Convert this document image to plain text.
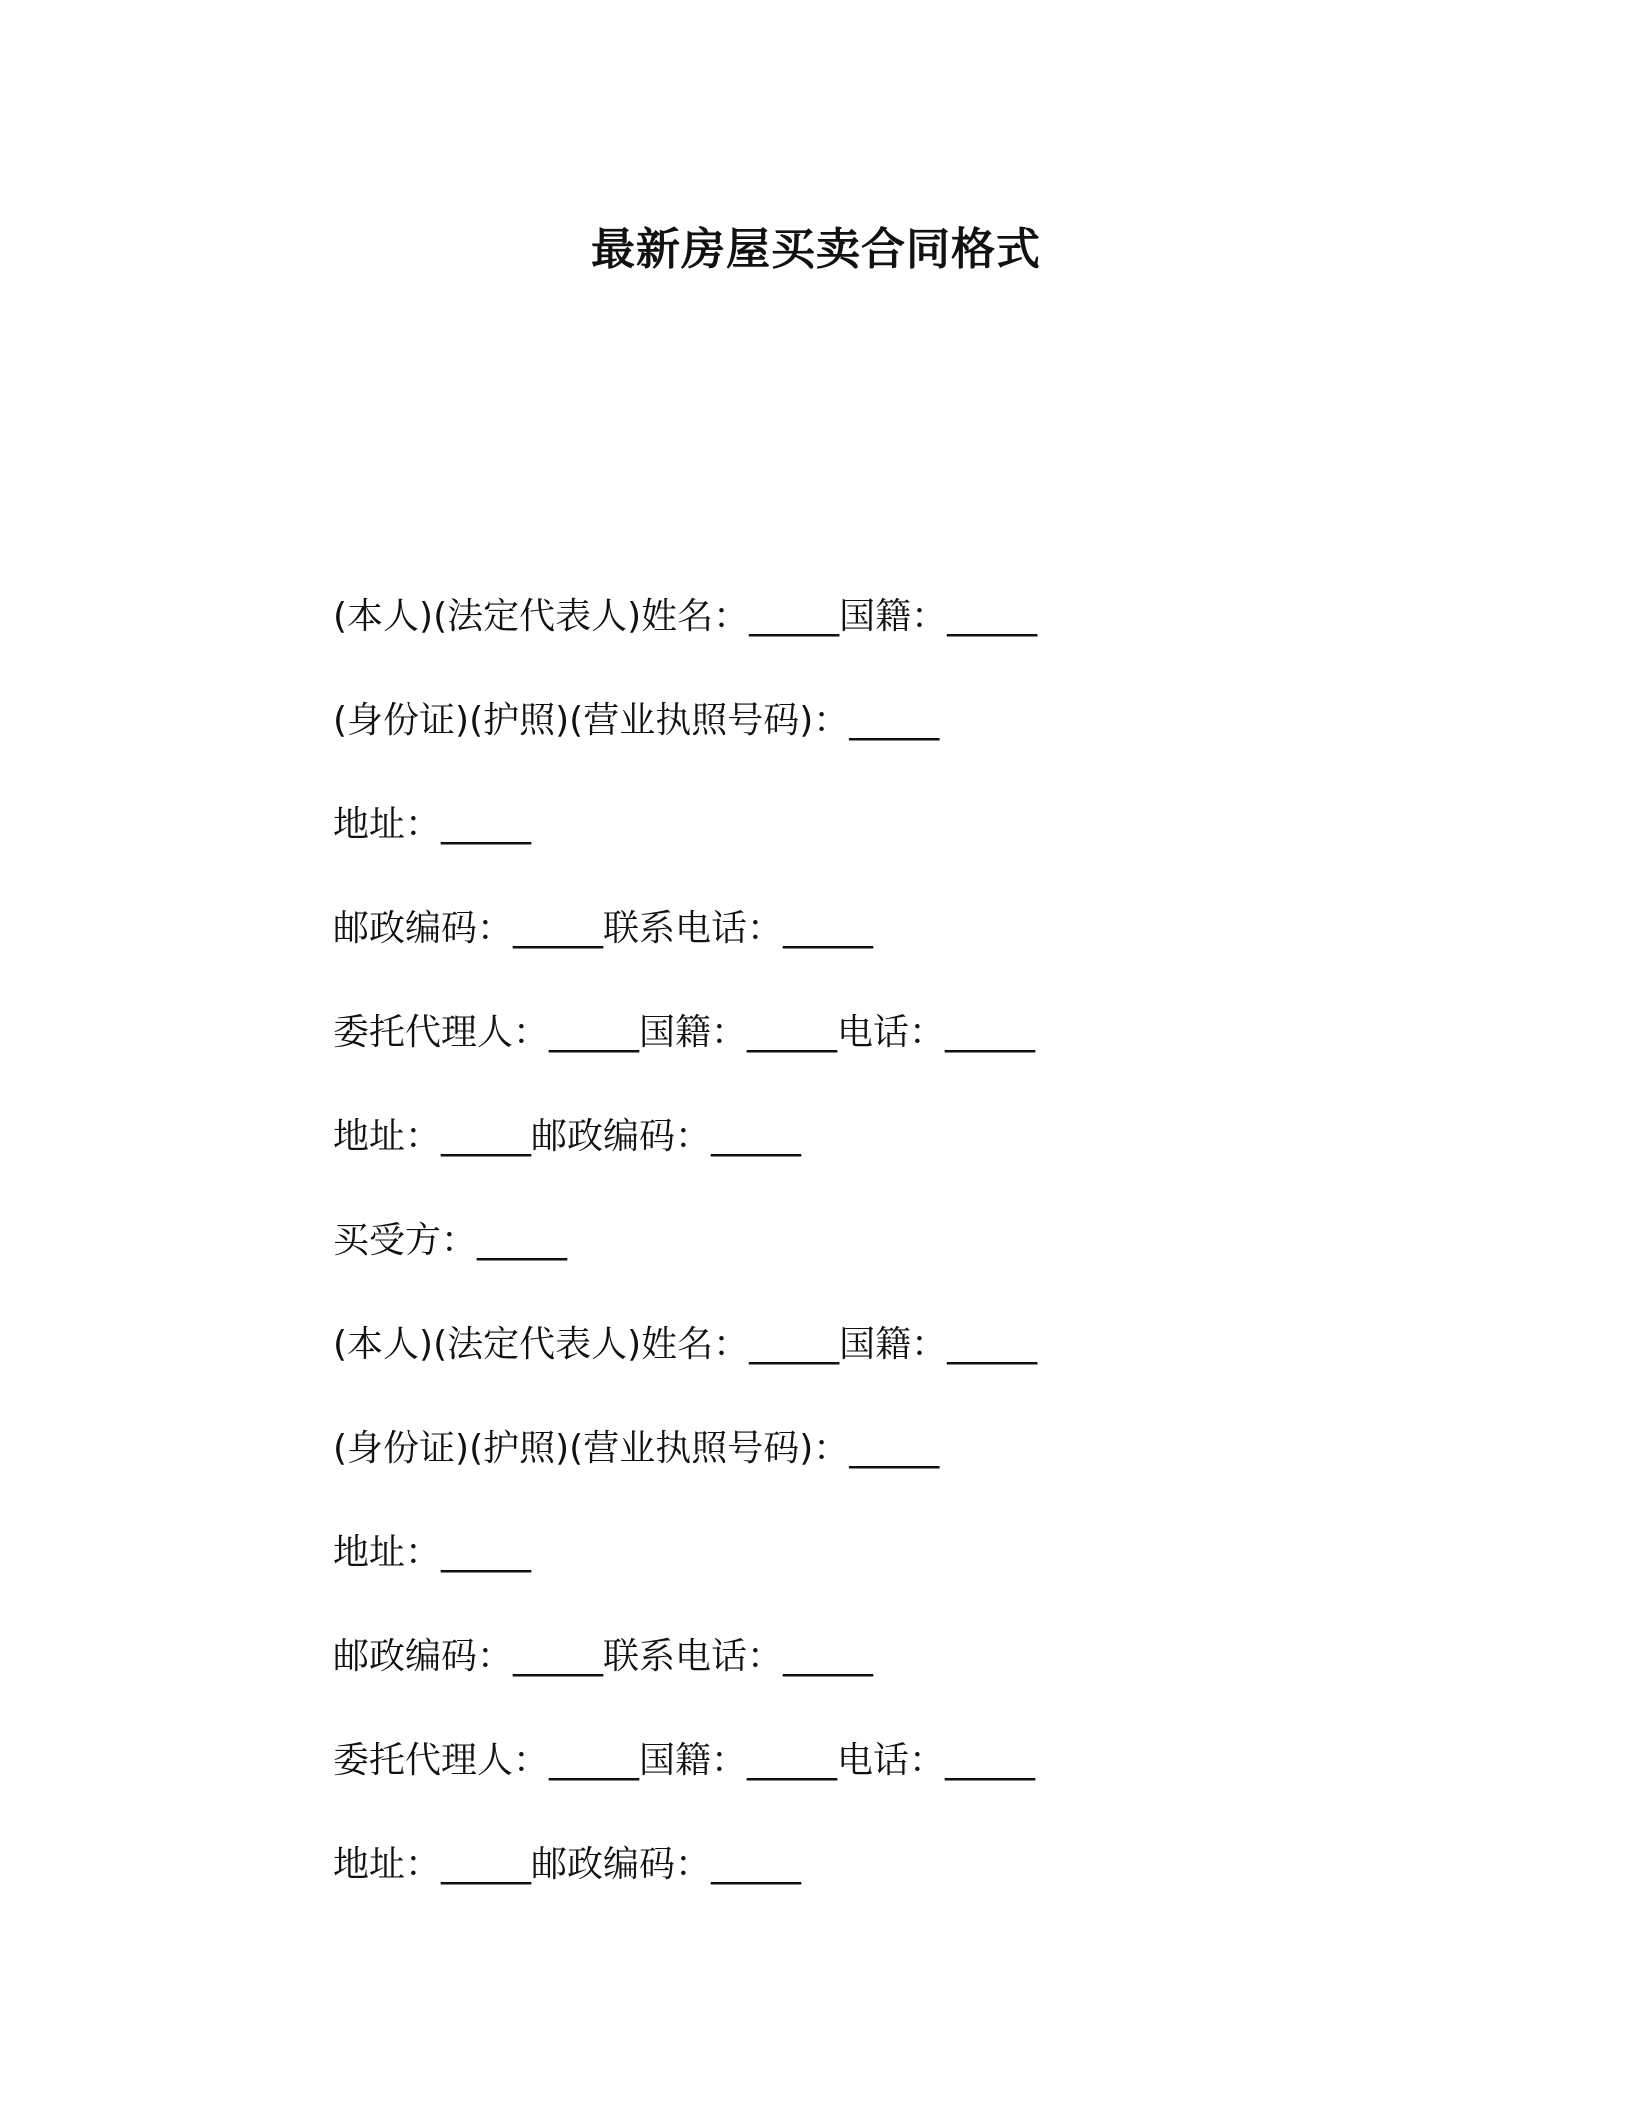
最新房屋买卖合同格式
(本人)(法定代表人)姓名：_____国籍：_____
(身份证)(护照)(营业执照号码)：_____
地址：_____
邮政编码：_____联系电话：_____
委托代理人：_____国籍：_____电话：_____
地址：_____邮政编码：_____
买受方：_____
(本人)(法定代表人)姓名：_____国籍：_____
(身份证)(护照)(营业执照号码)：_____
地址：_____
邮政编码：_____联系电话：_____
委托代理人：_____国籍：_____电话：_____
地址：_____邮政编码：_____
